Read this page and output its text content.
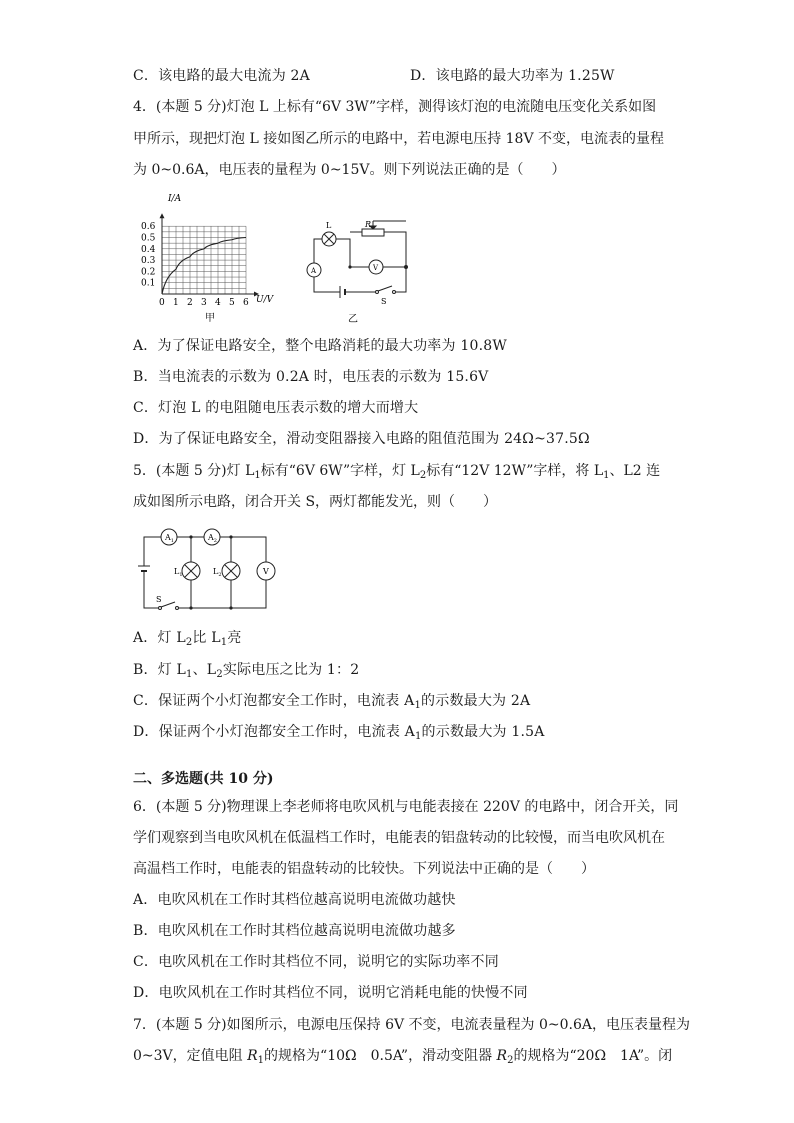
C．该电路的最大电流为 2A	D．该电路的最大功率为 1.25W
4．(本题 5 分)灯泡 L 上标有“6V 3W”字样，测得该灯泡的电流随电压变化关系如图
甲所示，现把灯泡 L 接如图乙所示的电路中，若电源电压持 18V 不变，电流表的量程
为 0~0.6A，电压表的量程为 0~15V。则下列说法正确的是（　　）
0 1 2 3 4 5 6
0.1
0.2
0.3
0.4
0.5
0.6
I/A
U/V
甲
L	R
A	V
S
乙
A．为了保证电路安全，整个电路消耗的最大功率为 10.8W
B．当电流表的示数为 0.2A 时，电压表的示数为 15.6V
C．灯泡 L 的电阻随电压表示数的增大而增大
D．为了保证电路安全，滑动变阻器接入电路的阻值范围为 24Ω~37.5Ω
5．(本题 5 分)灯 $L_1$标有“6V 6W”字样，灯 $L_2$标有“12V 12W”字样，将 $L_1$、L2 连
成如图所示电路，闭合开关 S，两灯都能发光，则（　　）
$A_1$	$A_2$
$L_1$	$L_2$	V
S
A．灯 $L_2$比 $L_1$亮
B．灯 $L_1$、$L_2$实际电压之比为 1：2
C．保证两个小灯泡都安全工作时，电流表 $A_1$的示数最大为 2A
D．保证两个小灯泡都安全工作时，电流表 $A_1$的示数最大为 1.5A
二、多选题(共 10 分)
6．(本题 5 分)物理课上李老师将电吹风机与电能表接在 220V 的电路中，闭合开关，同
学们观察到当电吹风机在低温档工作时，电能表的铝盘转动的比较慢，而当电吹风机在
高温档工作时，电能表的铝盘转动的比较快。下列说法中正确的是（　　）
A．电吹风机在工作时其档位越高说明电流做功越快
B．电吹风机在工作时其档位越高说明电流做功越多
C．电吹风机在工作时其档位不同，说明它的实际功率不同
D．电吹风机在工作时其档位不同，说明它消耗电能的快慢不同
7．(本题 5 分)如图所示，电源电压保持 6V 不变，电流表量程为 0~0.6A，电压表量程为
0~3V，定值电阻 $R_1$的规格为“10Ω　0.5A”，滑动变阻器 $R_2$的规格为“20Ω　1A”。闭
